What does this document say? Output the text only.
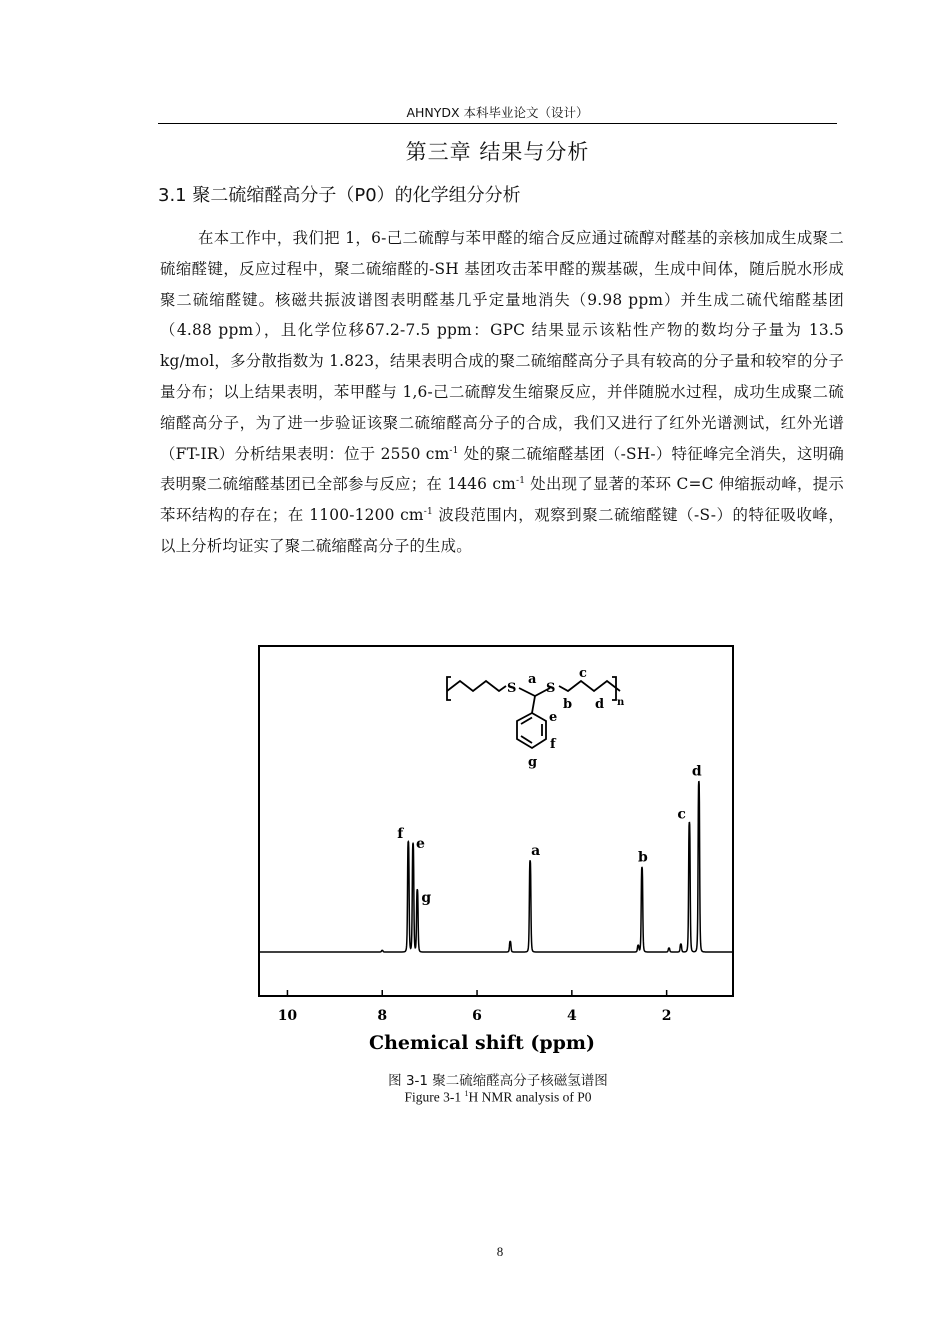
AHNYDX 本科毕业论文（设计）
第三章 结果与分析
3.1 聚二硫缩醛高分子（P0）的化学组分分析

在本工作中，我们把 1，6-己二硫醇与苯甲醛的缩合反应通过硫醇对醛基的亲核加成生成聚二硫缩醛键，反应过程中，聚二硫缩醛的-SH 基团攻击苯甲醛的羰基碳，生成中间体，随后脱水形成聚二硫缩醛键。核磁共振波谱图表明醛基几乎定量地消失（9.98 ppm）并生成二硫代缩醛基团（4.88 ppm），且化学位移δ7.2-7.5 ppm：GPC 结果显示该粘性产物的数均分子量为 13.5 kg/mol，多分散指数为 1.823，结果表明合成的聚二硫缩醛高分子具有较高的分子量和较窄的分子量分布；以上结果表明，苯甲醛与 1,6-己二硫醇发生缩聚反应，并伴随脱水过程，成功生成聚二硫缩醛高分子，为了进一步验证该聚二硫缩醛高分子的合成，我们又进行了红外光谱测试，红外光谱（FT-IR）分析结果表明：位于 2550 $cm^{-1}$ 处的聚二硫缩醛基团（-SH-）特征峰完全消失，这明确表明聚二硫缩醛基团已全部参与反应；在 1446 $cm^{-1}$ 处出现了显著的苯环 C=C 伸缩振动峰，提示苯环结构的存在；在 1100-1200 $cm^{-1}$ 波段范围内，观察到聚二硫缩醛键（-S-）的特征吸收峰，以上分析均证实了聚二硫缩醛高分子的生成。

10	8	6	4	2
Chemical shift (ppm)
f
e
g
a	b
c
d
S S
a
b
c
d
e
f
g
n
图 3-1 聚二硫缩醛高分子核磁氢谱图
Figure 3-1 $^1$H NMR analysis of P0
8
